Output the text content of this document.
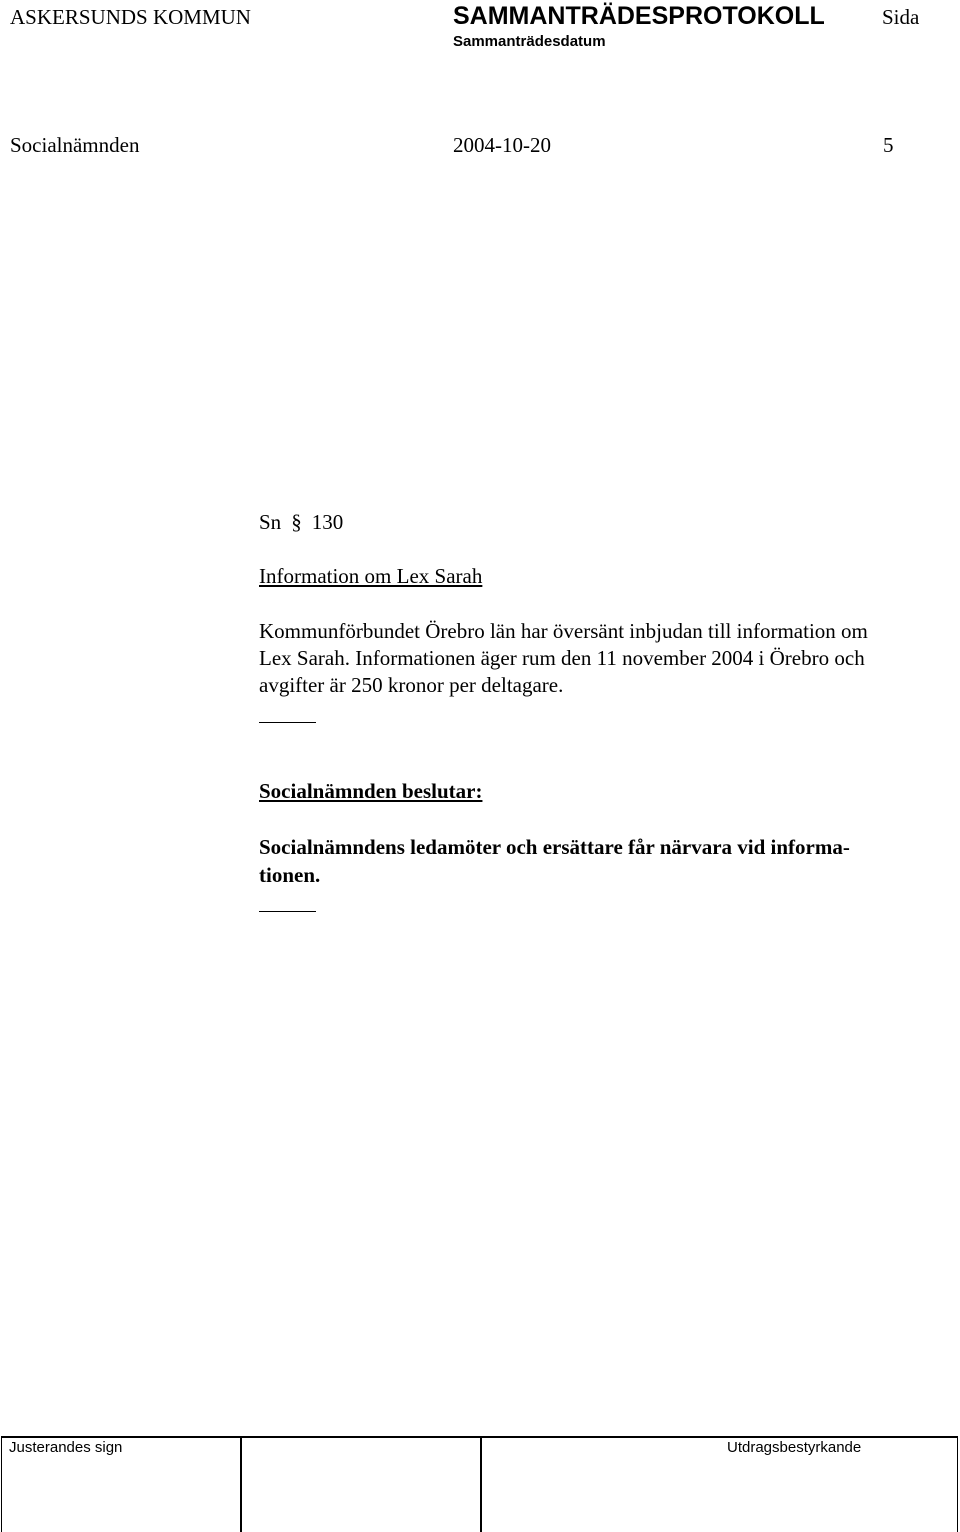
ASKERSUNDS KOMMUN	SAMMANTRÄDESPROTOKOLL	Sida
Sammanträdesdatum
Socialnämnden	2004-10-20	5
Sn § 130
Information om Lex Sarah
Kommunförbundet Örebro län har översänt inbjudan till information om
Lex Sarah. Informationen äger rum den 11 november 2004 i Örebro och
avgifter är 250 kronor per deltagare.
Socialnämnden beslutar:
Socialnämndens ledamöter och ersättare får närvara vid informa-
tionen.
Justerandes sign	Utdragsbestyrkande
